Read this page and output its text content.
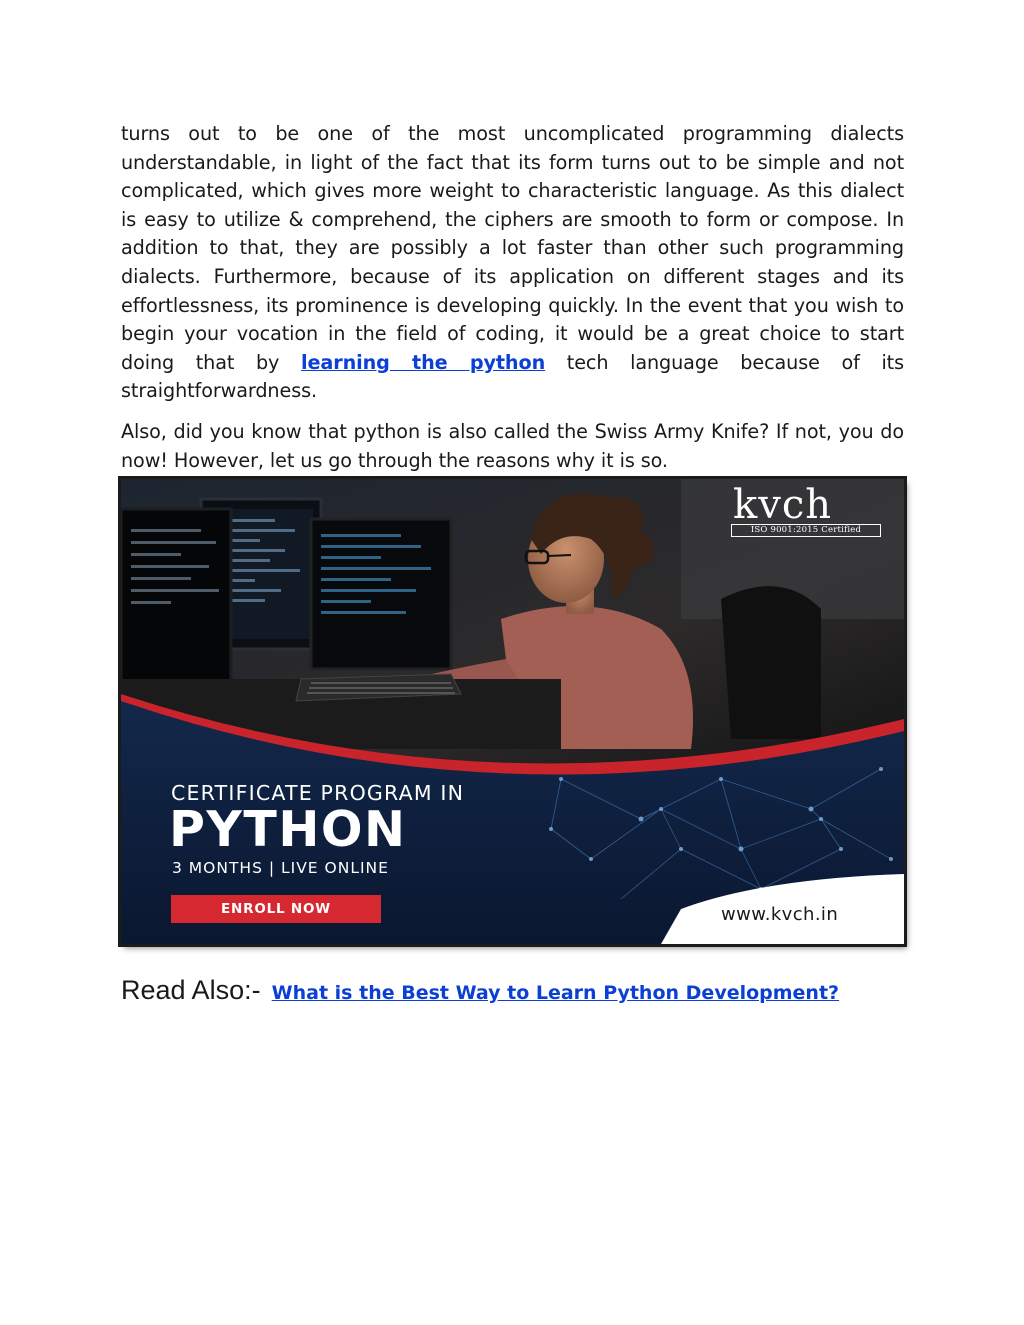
turns out to be one of the most uncomplicated programming dialects understandable, in light of the fact that its form turns out to be simple and not complicated, which gives more weight to characteristic language. As this dialect is easy to utilize & comprehend, the ciphers are smooth to form or compose. In addition to that, they are possibly a lot faster than other such programming dialects. Furthermore, because of its application on different stages and its effortlessness, its prominence is developing quickly. In the event that you wish to begin your vocation in the field of coding, it would be a great choice to start doing that by learning the python tech language because of its straightforwardness.

Also, did you know that python is also called the Swiss Army Knife? If not, you do now! However, let us go through the reasons why it is so.

kvch
ISO 9001:2015 Certified
CERTIFICATE PROGRAM IN
PYTHON
3 MONTHS | LIVE ONLINE
ENROLL NOW	www.kvch.in
Read Also:- What is the Best Way to Learn Python Development?
